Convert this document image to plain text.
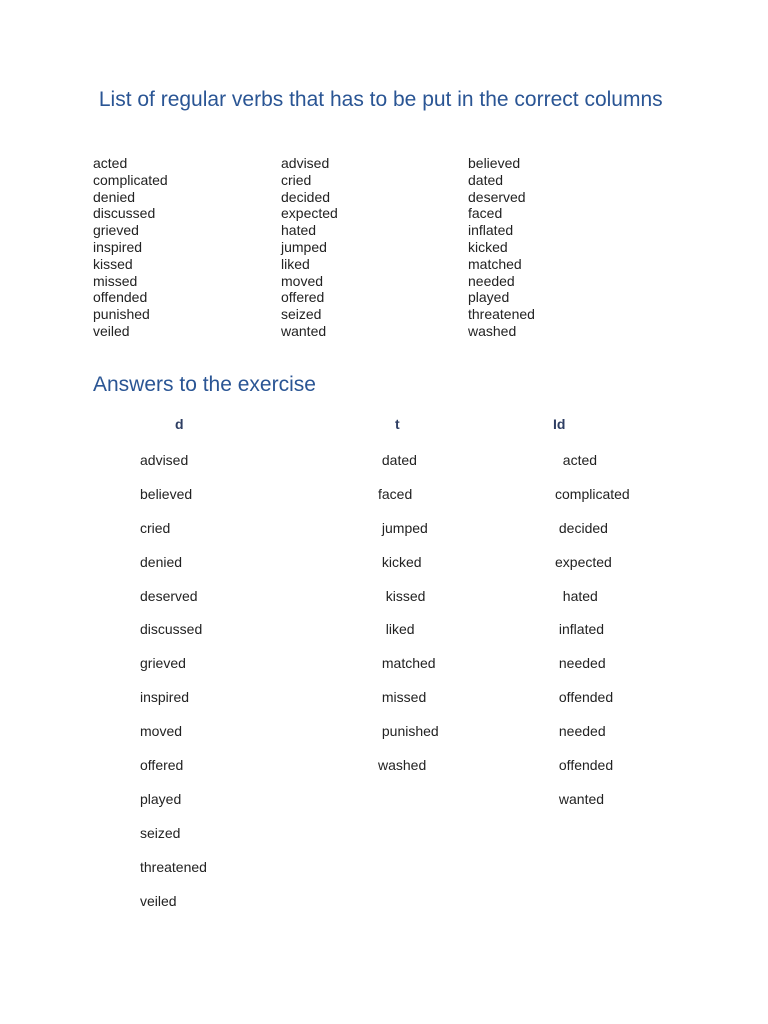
List of regular verbs that has to be put in the correct columns
acted
complicated
denied
discussed
grieved
inspired
kissed
missed
offended
punished
veiled
advised
cried
decided
expected
hated
jumped
liked
moved
offered
seized
wanted
believed
dated
deserved
faced
inflated
kicked
matched
needed
played
threatened
washed
Answers to the exercise
d	t	Id
advised
believed
cried
denied
deserved
discussed
grieved
inspired
moved
offered
played
seized
threatened
veiled
dated
faced
jumped
kicked
kissed
liked
matched
missed
punished
washed
acted
complicated
decided
expected
hated
inflated
needed
offended
needed
offended
wanted
